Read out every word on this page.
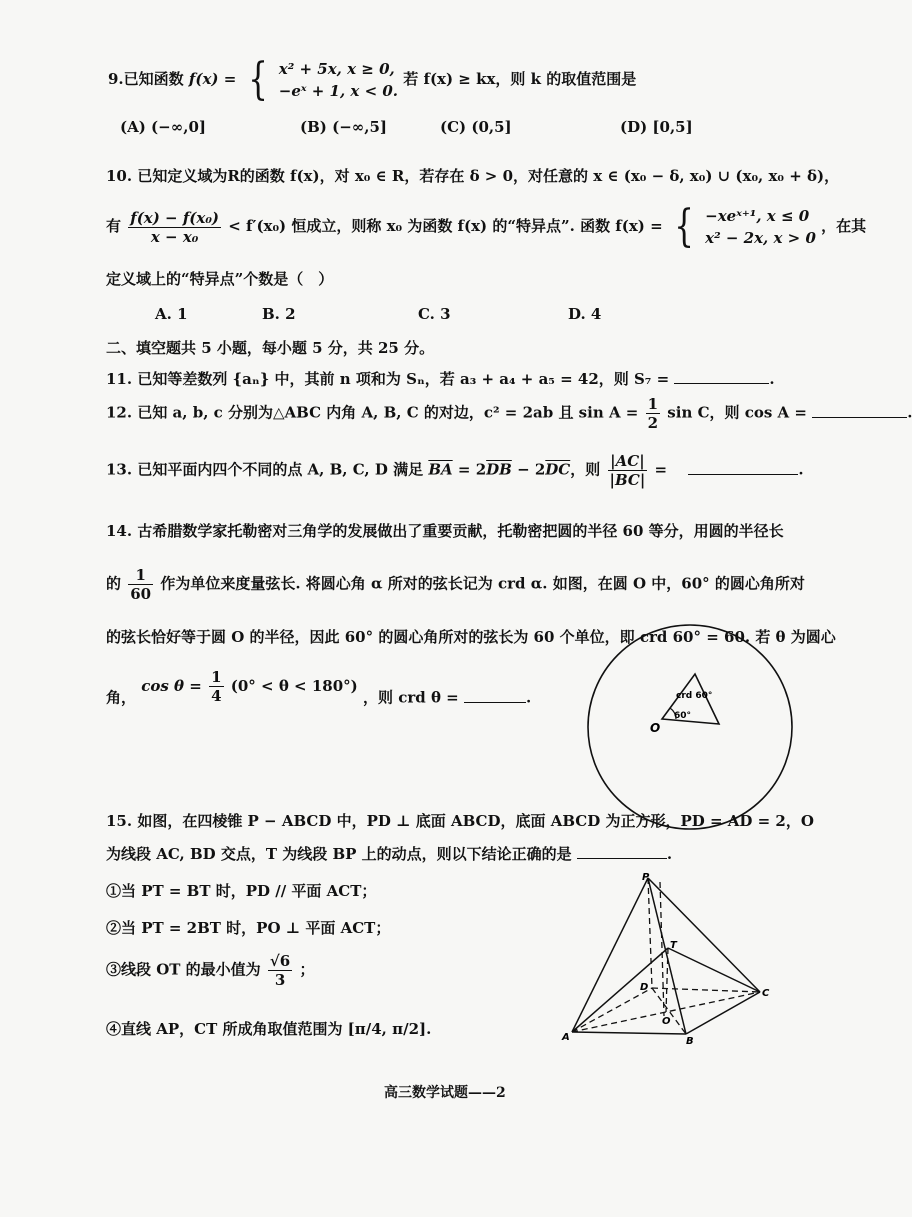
9.已知函数 f(x) = { x² + 5x, x ≥ 0,
−eˣ + 1, x < 0.
若 f(x) ≥ kx，则 k 的取值范围是
(A) (−∞,0]	(B) (−∞,5]	(C) (0,5]	(D) [0,5]
10. 已知定义域为R的函数 f(x)，对 x₀ ∈ R，若存在 δ > 0，对任意的 x ∈ (x₀ − δ, x₀) ∪ (x₀, x₀ + δ)，
有 $\frac{\text{f(x) − f(x₀)}}{\text{x − x₀}} < f'(x_0)$ 恒成立，则称 x₀ 为函数 f(x) 的“特异点”. 函数 f(x) = { −xeˣ⁺¹, x ≤ 0
x² − 2x, x > 0
，在其
定义域上的“特异点”个数是（　）
A. 1	B. 2	C. 3	D. 4
二、填空题共 5 小题，每小题 5 分，共 25 分。
11. 已知等差数列 {aₙ} 中，其前 n 项和为 Sₙ，若 a₃ + a₄ + a₅ = 42，则 S₇ =	.
12. 已知 a, b, c 分别为△ABC 内角 A, B, C 的对边，c² = 2ab 且 $\sin A = \frac{1}{2}$ sin C，则 cos A =	.
13. 已知平面内四个不同的点 A, B, C, D 满足 $\overline{BA} = 2\overline{DB} - 2\overline{DC}$，则 $\frac{|AC|}{|BC|}$ =	.
14. 古希腊数学家托勒密对三角学的发展做出了重要贡献，托勒密把圆的半径 60 等分，用圆的半径长
的 $\frac{1}{60}$ 作为单位来度量弦长. 将圆心角 α 所对的弦长记为 crd α. 如图，在圆 O 中，60° 的圆心角所对
的弦长恰好等于圆 O 的半径，因此 60° 的圆心角所对的弦长为 60 个单位，即 crd 60° = 60. 若 θ 为圆心
角， $\cos \theta = \frac{1}{4} (0^\circ < \theta < 180^\circ)$ ，则 crd θ =	.	crd 60°
60°
O
15. 如图，在四棱锥 P − ABCD 中，PD ⊥ 底面 ABCD，底面 ABCD 为正方形，PD = AD = 2，O
为线段 AC, BD 交点，T 为线段 BP 上的动点，则以下结论正确的是	.
①当 PT = BT 时，PD // 平面 ACT；
②当 PT = 2BT 时，PO ⊥ 平面 ACT；
③线段 OT 的最小值为 $\frac{√6}{3}$ ；
④直线 AP，CT 所成角取值范围为 [π/4, π/2].
P
T
D
C
O
A	B
高三数学试题——2
